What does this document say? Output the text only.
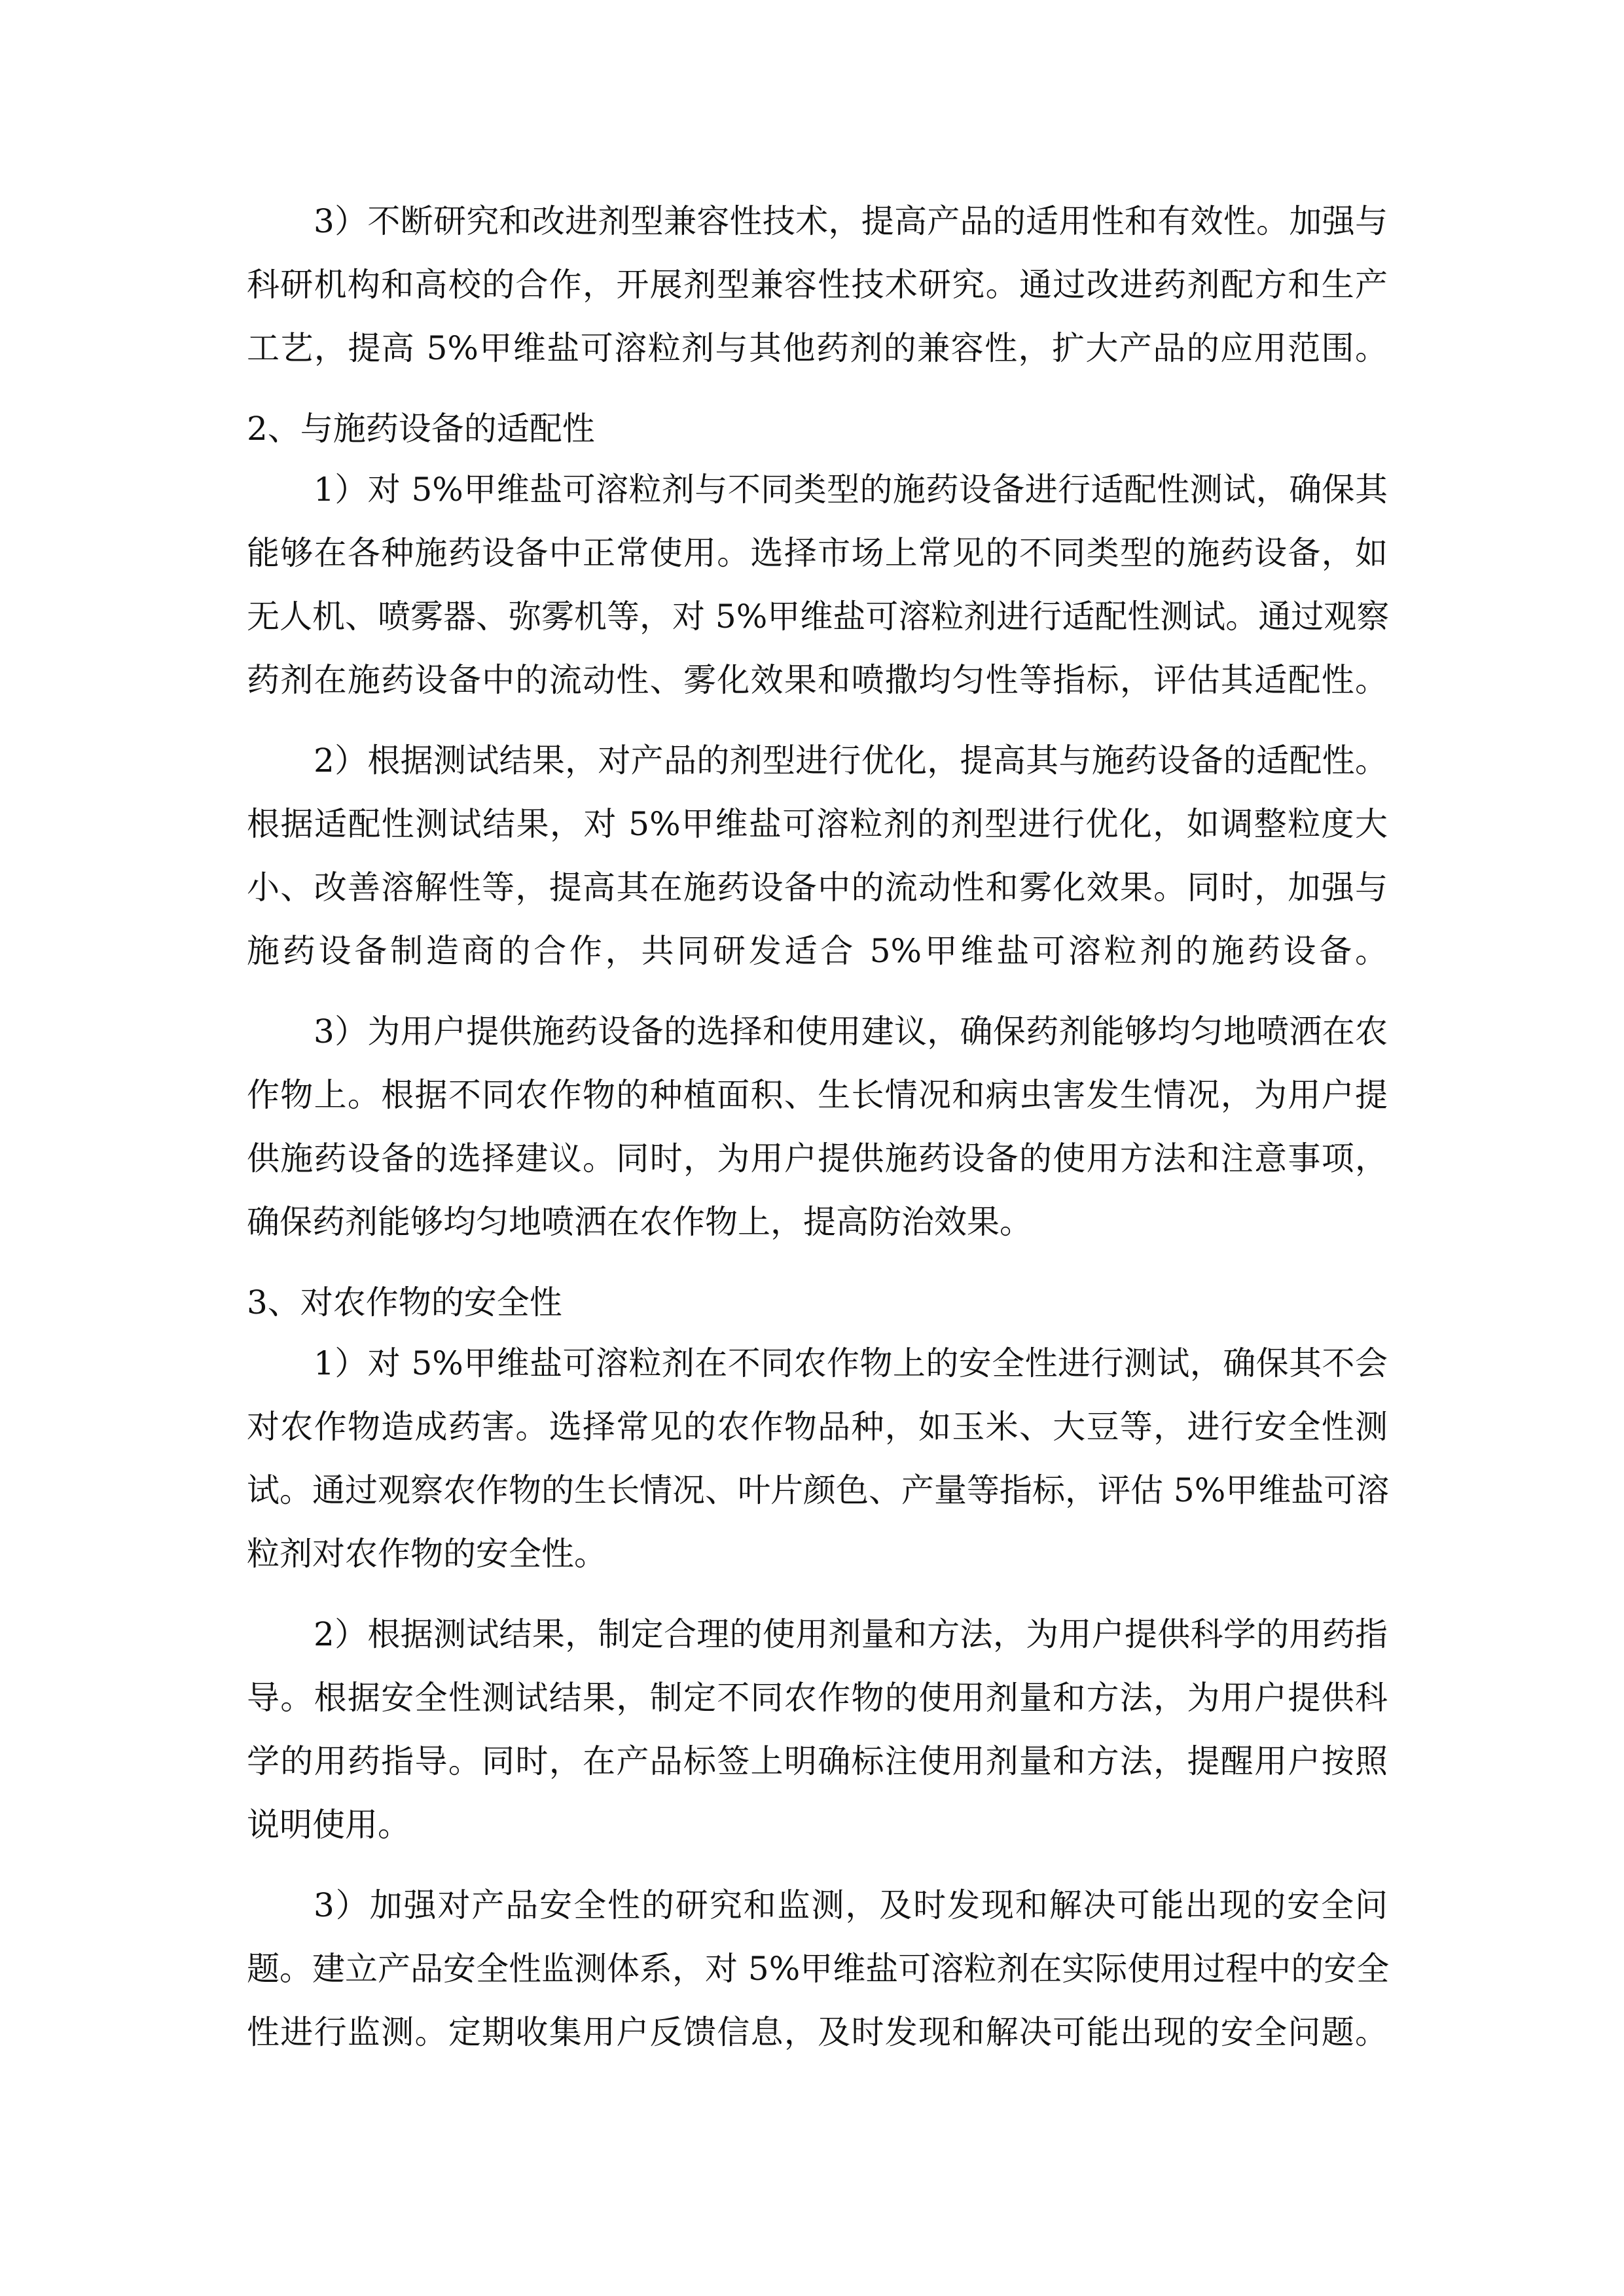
3）不断研究和改进剂型兼容性技术，提高产品的适用性和有效性。加强与
科研机构和高校的合作，开展剂型兼容性技术研究。通过改进药剂配方和生产
工艺，提高 5%甲维盐可溶粒剂与其他药剂的兼容性，扩大产品的应用范围。
2、与施药设备的适配性
1）对 5%甲维盐可溶粒剂与不同类型的施药设备进行适配性测试，确保其
能够在各种施药设备中正常使用。选择市场上常见的不同类型的施药设备，如
无人机、喷雾器、弥雾机等，对 5%甲维盐可溶粒剂进行适配性测试。通过观察
药剂在施药设备中的流动性、雾化效果和喷撒均匀性等指标，评估其适配性。
2）根据测试结果，对产品的剂型进行优化，提高其与施药设备的适配性。
根据适配性测试结果，对 5%甲维盐可溶粒剂的剂型进行优化，如调整粒度大
小、改善溶解性等，提高其在施药设备中的流动性和雾化效果。同时，加强与
施药设备制造商的合作，共同研发适合 5%甲维盐可溶粒剂的施药设备。
3）为用户提供施药设备的选择和使用建议，确保药剂能够均匀地喷洒在农
作物上。根据不同农作物的种植面积、生长情况和病虫害发生情况，为用户提
供施药设备的选择建议。同时，为用户提供施药设备的使用方法和注意事项，
确保药剂能够均匀地喷洒在农作物上，提高防治效果。
3、对农作物的安全性
1）对 5%甲维盐可溶粒剂在不同农作物上的安全性进行测试，确保其不会
对农作物造成药害。选择常见的农作物品种，如玉米、大豆等，进行安全性测
试。通过观察农作物的生长情况、叶片颜色、产量等指标，评估 5%甲维盐可溶
粒剂对农作物的安全性。
2）根据测试结果，制定合理的使用剂量和方法，为用户提供科学的用药指
导。根据安全性测试结果，制定不同农作物的使用剂量和方法，为用户提供科
学的用药指导。同时，在产品标签上明确标注使用剂量和方法，提醒用户按照
说明使用。
3）加强对产品安全性的研究和监测，及时发现和解决可能出现的安全问
题。建立产品安全性监测体系，对 5%甲维盐可溶粒剂在实际使用过程中的安全
性进行监测。定期收集用户反馈信息，及时发现和解决可能出现的安全问题。
